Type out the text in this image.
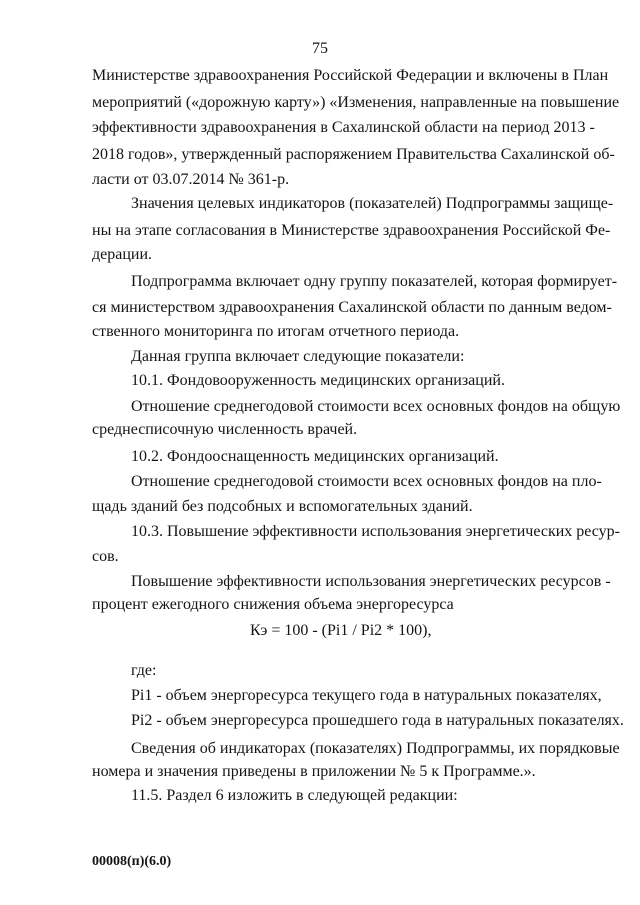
75
Министерстве здравоохранения Российской Федерации и включены в План
мероприятий («дорожную карту») «Изменения, направленные на повышение
эффективности здравоохранения в Сахалинской области на период 2013 -
2018 годов», утвержденный распоряжением Правительства Сахалинской об-
ласти от 03.07.2014 № 361-р.
Значения целевых индикаторов (показателей) Подпрограммы защище-
ны на этапе согласования в Министерстве здравоохранения Российской Фе-
дерации.
Подпрограмма включает одну группу показателей, которая формирует-
ся министерством здравоохранения Сахалинской области по данным ведом-
ственного мониторинга по итогам отчетного периода.
Данная группа включает следующие показатели:
10.1. Фондовооруженность медицинских организаций.
Отношение среднегодовой стоимости всех основных фондов на общую
среднесписочную численность врачей.
10.2. Фондооснащенность медицинских организаций.
Отношение среднегодовой стоимости всех основных фондов на пло-
щадь зданий без подсобных и вспомогательных зданий.
10.3. Повышение эффективности использования энергетических ресур-
сов.
Повышение эффективности использования энергетических ресурсов -
процент ежегодного снижения объема энергоресурса
Кэ = 100 - (Pi1 / Pi2 * 100),
где:
Pi1 - объем энергоресурса текущего года в натуральных показателях,
Pi2 - объем энергоресурса прошедшего года в натуральных показателях.
Сведения об индикаторах (показателях) Подпрограммы, их порядковые
номера и значения приведены в приложении № 5 к Программе.».
11.5. Раздел 6 изложить в следующей редакции:
00008(п)(6.0)
